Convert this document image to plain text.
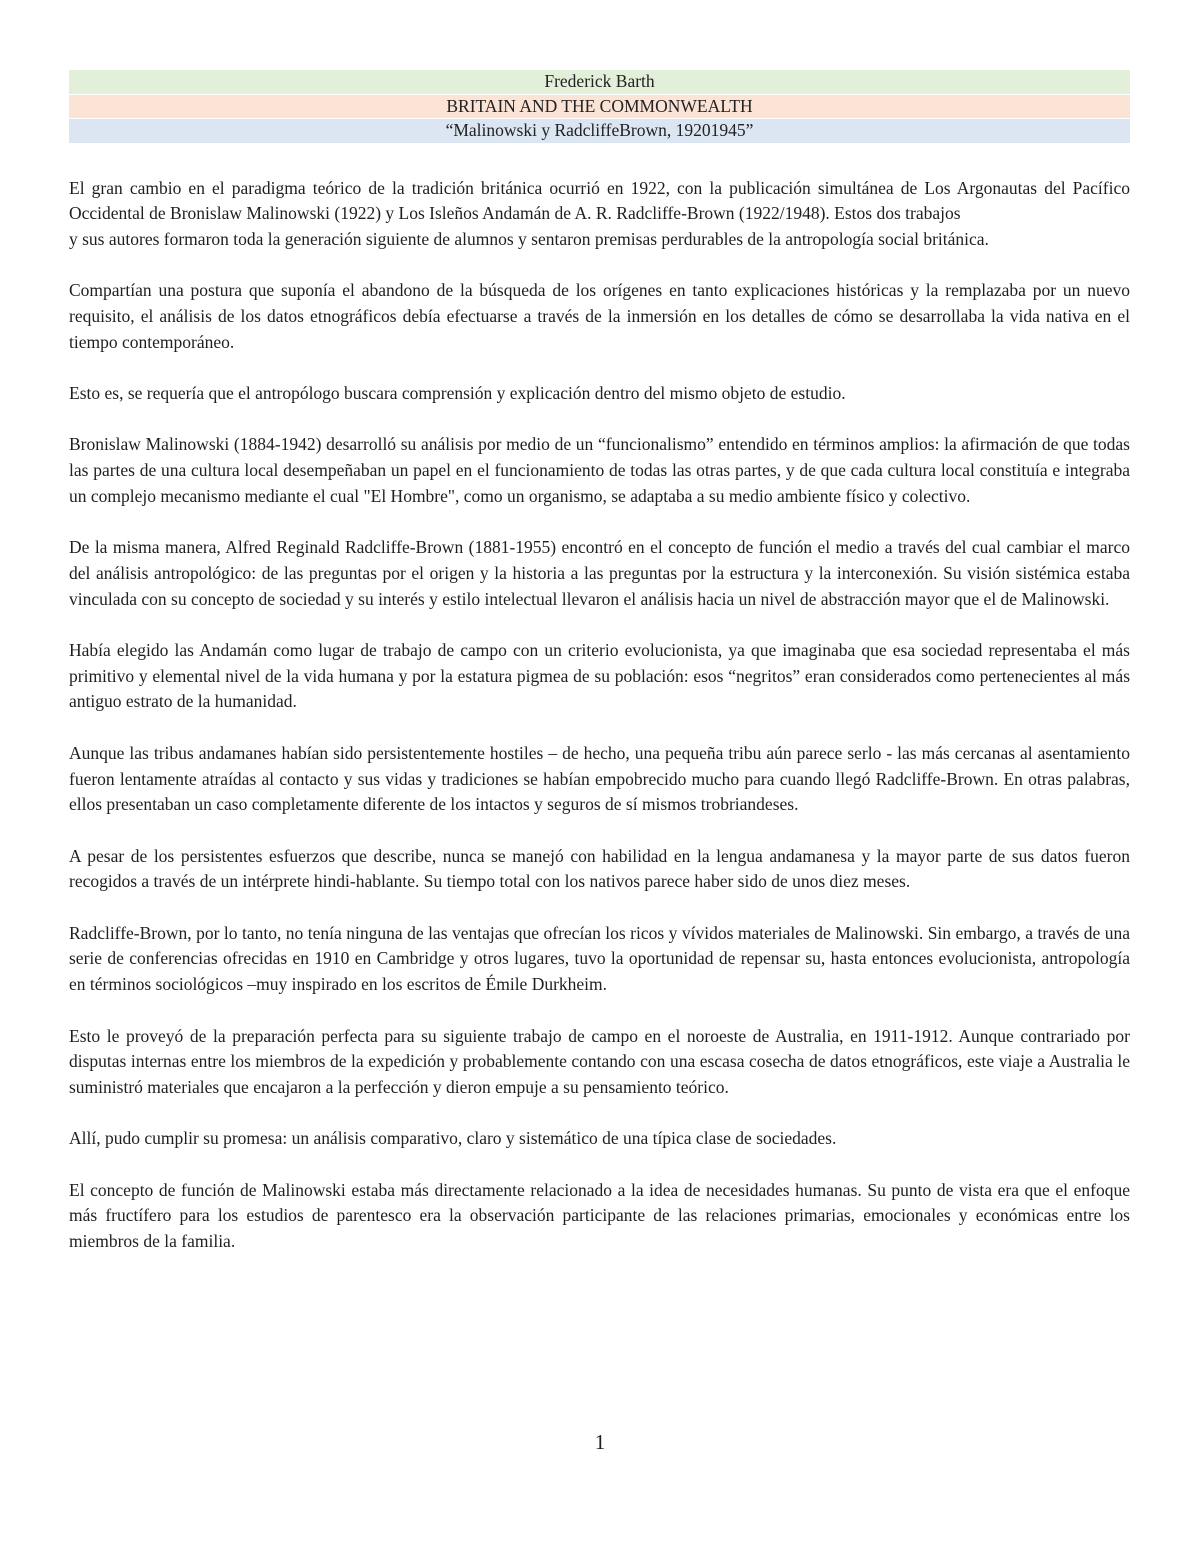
Frederick Barth
BRITAIN AND THE COMMONWEALTH
“Malinowski y RadcliffeBrown, 19201945”

El gran cambio en el paradigma teórico de la tradición británica ocurrió en 1922, con la publicación simultánea de Los Argonautas del Pacífico Occidental de Bronislaw Malinowski (1922) y Los Isleños Andamán de A. R. Radcliffe-Brown (1922/1948). Estos dos trabajos
y sus autores formaron toda la generación siguiente de alumnos y sentaron premisas perdurables de la antropología social británica.

Compartían una postura que suponía el abandono de la búsqueda de los orígenes en tanto explicaciones históricas y la remplazaba por un nuevo requisito, el análisis de los datos etnográficos debía efectuarse a través de la inmersión en los detalles de cómo se desarrollaba la vida nativa en el tiempo contemporáneo.

Esto es, se requería que el antropólogo buscara comprensión y explicación dentro del mismo objeto de estudio.

Bronislaw Malinowski (1884-1942) desarrolló su análisis por medio de un “funcionalismo” entendido en términos amplios: la afirmación de que todas las partes de una cultura local desempeñaban un papel en el funcionamiento de todas las otras partes, y de que cada cultura local constituía e integraba un complejo mecanismo mediante el cual "El Hombre", como un organismo, se adaptaba a su medio ambiente físico y colectivo.

De la misma manera, Alfred Reginald Radcliffe-Brown (1881-1955) encontró en el concepto de función el medio a través del cual cambiar el marco del análisis antropológico: de las preguntas por el origen y la historia a las preguntas por la estructura y la interconexión. Su visión sistémica estaba vinculada con su concepto de sociedad y su interés y estilo intelectual llevaron el análisis hacia un nivel de abstracción mayor que el de Malinowski.

Había elegido las Andamán como lugar de trabajo de campo con un criterio evolucionista, ya que imaginaba que esa sociedad representaba el más primitivo y elemental nivel de la vida humana y por la estatura pigmea de su población: esos “negritos” eran considerados como pertenecientes al más antiguo estrato de la humanidad.

Aunque las tribus andamanes habían sido persistentemente hostiles – de hecho, una pequeña tribu aún parece serlo - las más cercanas al asentamiento fueron lentamente atraídas al contacto y sus vidas y tradiciones se habían empobrecido mucho para cuando llegó Radcliffe-Brown. En otras palabras, ellos presentaban un caso completamente diferente de los intactos y seguros de sí mismos trobriandeses.

A pesar de los persistentes esfuerzos que describe, nunca se manejó con habilidad en la lengua andamanesa y la mayor parte de sus datos fueron recogidos a través de un intérprete hindi-hablante. Su tiempo total con los nativos parece haber sido de unos diez meses.

Radcliffe-Brown, por lo tanto, no tenía ninguna de las ventajas que ofrecían los ricos y vívidos materiales de Malinowski. Sin embargo, a través de una serie de conferencias ofrecidas en 1910 en Cambridge y otros lugares, tuvo la oportunidad de repensar su, hasta entonces evolucionista, antropología en términos sociológicos –muy inspirado en los escritos de Émile Durkheim.

Esto le proveyó de la preparación perfecta para su siguiente trabajo de campo en el noroeste de Australia, en 1911-1912. Aunque contrariado por disputas internas entre los miembros de la expedición y probablemente contando con una escasa cosecha de datos etnográficos, este viaje a Australia le suministró materiales que encajaron a la perfección y dieron empuje a su pensamiento teórico.

Allí, pudo cumplir su promesa: un análisis comparativo, claro y sistemático de una típica clase de sociedades.

El concepto de función de Malinowski estaba más directamente relacionado a la idea de necesidades humanas. Su punto de vista era que el enfoque más fructífero para los estudios de parentesco era la observación participante de las relaciones primarias, emocionales y económicas entre los miembros de la familia.

1
